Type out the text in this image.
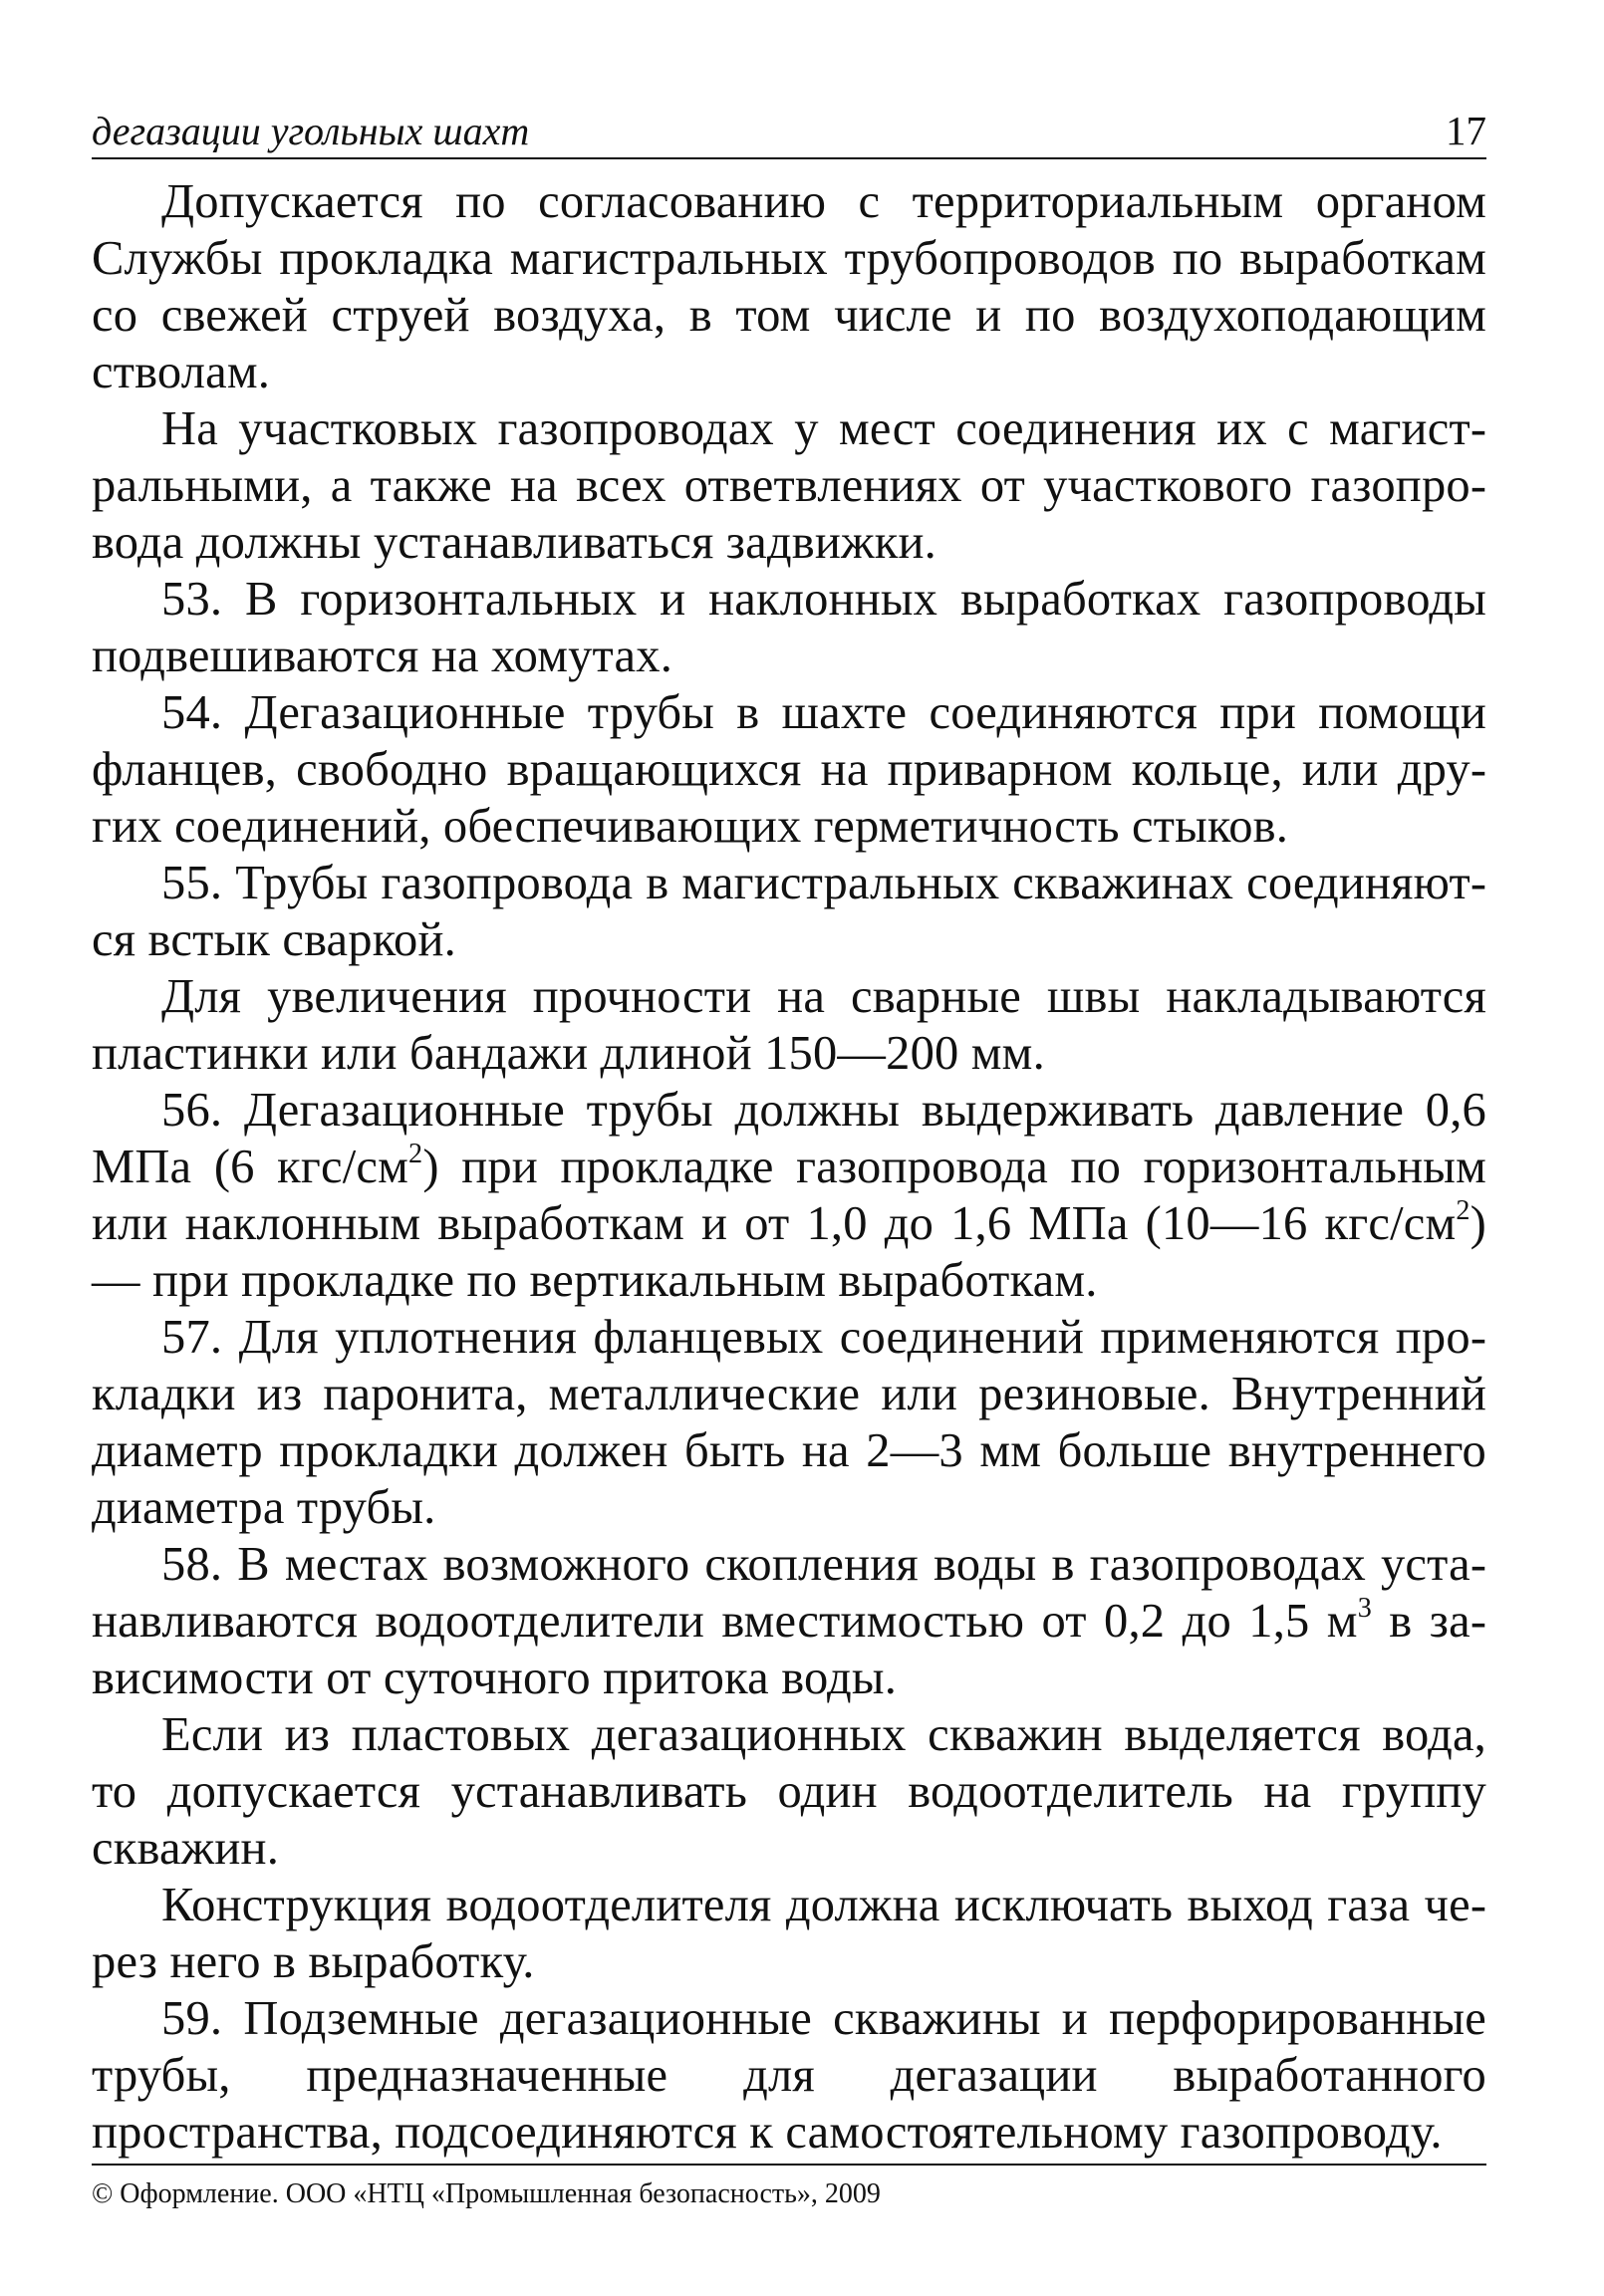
дегазации угольных шахт	17

Допускается по согласованию с территориальным органом Службы прокладка магистральных трубопроводов по выработкам со свежей струей воздуха, в том числе и по воздухоподающим стволам.

На участковых газопроводах у мест соединения их с магистральными, а также на всех ответвлениях от участкового газопровода должны устанавливаться задвижки.

53. В горизонтальных и наклонных выработках газопроводы подвешиваются на хомутах.

54. Дегазационные трубы в шахте соединяются при помощи фланцев, свободно вращающихся на приварном кольце, или других соединений, обеспечивающих герметичность стыков.

55. Трубы газопровода в магистральных скважинах соединяются встык сваркой.

Для увеличения прочности на сварные швы накладываются пластинки или бандажи длиной 150—200 мм.

56. Дегазационные трубы должны выдерживать давление 0,6 МПа (6 кгс/$см^2$) при прокладке газопровода по горизонтальным или наклонным выработкам и от 1,0 до 1,6 МПа (10—16 кгс/$см^2$) — при прокладке по вертикальным выработкам.

57. Для уплотнения фланцевых соединений применяются прокладки из паронита, металлические или резиновые. Внутренний диаметр прокладки должен быть на 2—3 мм больше внутреннего диаметра трубы.

58. В местах возможного скопления воды в газопроводах устанавливаются водоотделители вместимостью от 0,2 до 1,5 $м^3$ в зависимости от суточного притока воды.

Если из пластовых дегазационных скважин выделяется вода, то допускается устанавливать один водоотделитель на группу скважин.

Конструкция водоотделителя должна исключать выход газа через него в выработку.

59. Подземные дегазационные скважины и перфорированные трубы, предназначенные для дегазации выработанного пространства, подсоединяются к самостоятельному газопроводу.

© Оформление. ООО «НТЦ «Промышленная безопасность», 2009
